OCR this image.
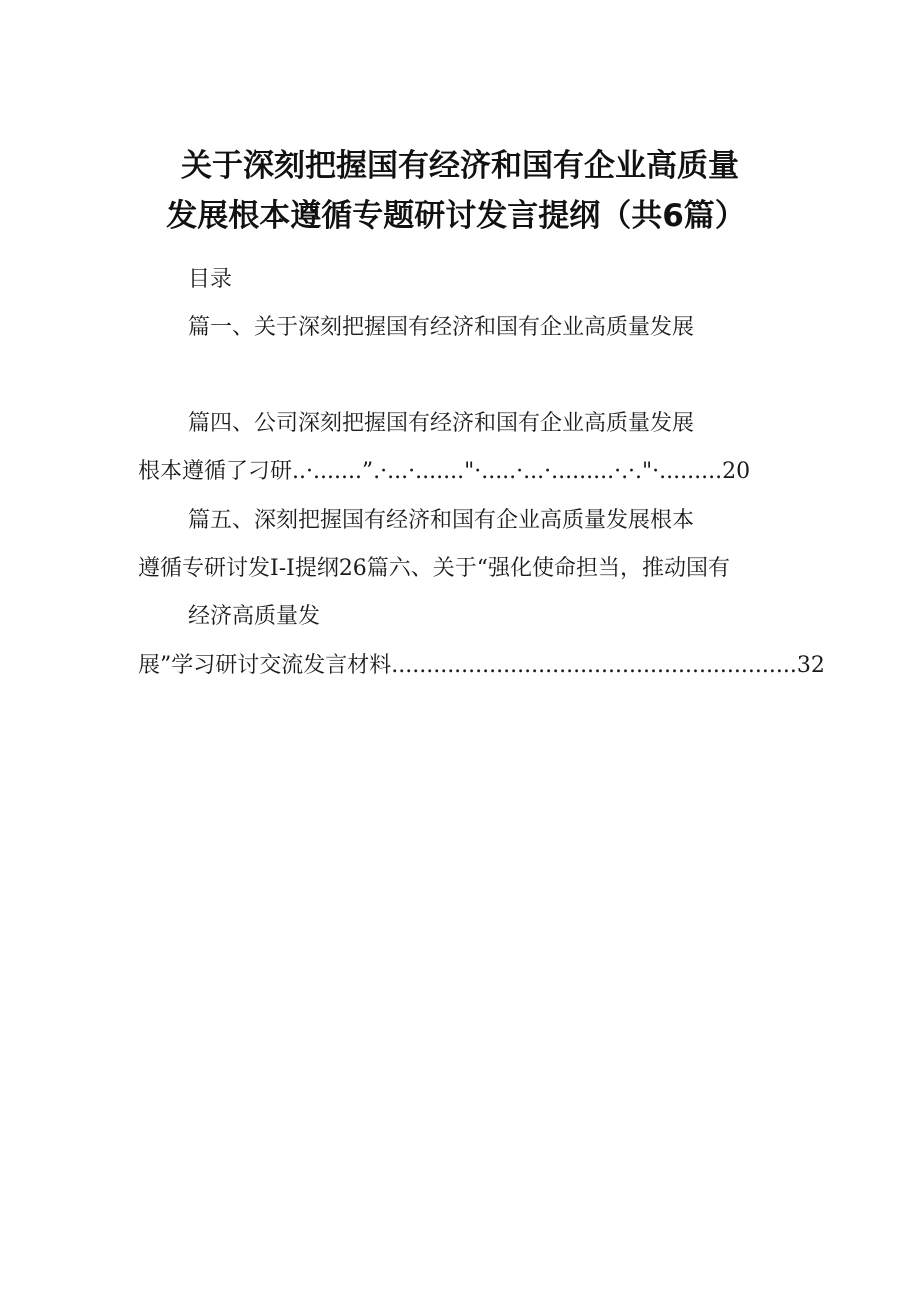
关于深刻把握国有经济和国有企业高质量
发展根本遵循专题研讨发言提纲（共6篇）
目录
篇一、关于深刻把握国有经济和国有企业高质量发展
篇四、公司深刻把握国有经济和国有企业高质量发展
根本遵循了刁研..·.......”.·...·......."·.....·...·.........·.·."·.........20
篇五、深刻把握国有经济和国有企业高质量发展根本
遵循专研讨发I-I提纲26篇六、关于“强化使命担当，推动国有
经济高质量发
展”学习研讨交流发言材料..........................................................32
